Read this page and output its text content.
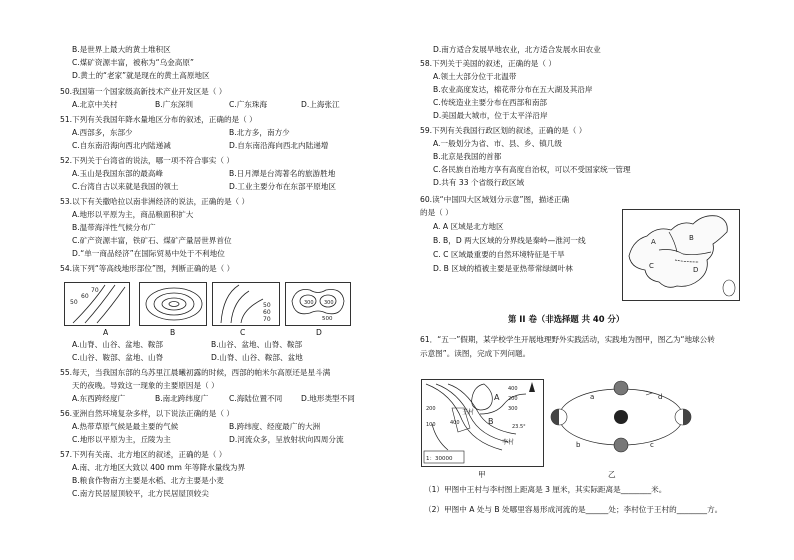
B.是世界上最大的黄土堆积区
C.煤矿资源丰富，被称为“乌金高原”
D.黄土的“老家”就是现在的黄土高原地区
50.我国第一个国家级高新技术产业开发区是（ ）
A.北京中关村	B.广东深圳	C.广东珠海	D.上海张江
51.下列有关我国年降水量地区分布的叙述，正确的是（ ）
A.西部多，东部少	B.北方多，南方少
C.自东南沿海向西北内陆递减	D.自东南沿海向西北内陆递增
52.下列关于台湾省的说法，哪一项不符合事实（ ）
A.玉山是我国东部的最高峰	B.日月潭是台湾著名的旅游胜地
C.台湾自古以来就是我国的领土	D.工业主要分布在东部平原地区
53.以下有关撒哈拉以南非洲经济的说法，正确的是（ ）
A.地形以平原为主，商品粮面积扩大
B.温带海洋性气候分布广
C.矿产资源丰富，铁矿石、煤矿产量居世界首位
D.“单一商品经济”在国际贸易中处于不利地位
54.读下列“等高线地形部位”图，判断正确的是（ ）
50
60
70
50
60
70	500
300 300
A	B	C	D
A.山脊、山谷、盆地、鞍部	B.山谷、盆地、山脊、鞍部
C.山谷、鞍部、盆地、山脊	D.山脊、山谷、鞍部、盆地
55.每天，当我国东部的乌苏里江晨曦初露的时候，西部的帕米尔高原还是星斗满
天的夜晚。导致这一现象的主要原因是（ ）
A.东西跨经度广	B.南北跨纬度广	C.海陆位置不同 D.地形类型不同
56.亚洲自然环境复杂多样，以下说法正确的是（ ）
A.热带草原气候是最主要的气候	B.跨纬度、经度最广的大洲
C.地形以平原为主，丘陵为主	D.河流众多，呈放射状向四周分流
57.下列有关南、北方地区的叙述，正确的是（ ）
A.南、北方地区大致以 400 mm 年等降水量线为界
B.粮食作物南方主要是水稻、北方主要是小麦
C.南方民居屋顶较平，北方民居屋顶较尖
D.南方适合发展旱地农业，北方适合发展水田农业
58.下列关于美国的叙述，正确的是（ ）
A.领土大部分位于北温带
B.农业高度发达，棉花带分布在五大湖及其沿岸
C.传统造业主要分布在西部和南部
D.美国最大城市，位于太平洋沿岸
59.下列有关我国行政区划的叙述，正确的是（ ）
A.一般划分为省、市、县、乡、镇几级
B.北京是我国的首都
C.各民族自治地方享有高度自治权，可以不受国家统一管理
D.共有 33 个省级行政区域
60.读“中国四大区域划分示意”图，描述正确
的是（ ）
A. A 区域是北方地区
B. B，D 两大区域的分界线是秦岭—淮河一线
C. C 区域最重要的自然环境特征是干旱
D. B 区域的植被主要是亚热带常绿阔叶林
A	B
C	D
第 II 卷（非选择题 共 40 分）
61．“五一”假期，某学校学生开展地理野外实践活动，实践地为图甲，图乙为“地球公转
示意图”。读图，完成下列问题。
A
B
王村
李村
400
200
300
200
100	400
23.5°
1：30000
甲
a
b	c
d
乙
（1）甲图中王村与李村图上距离是 3 厘米，其实际距离是________米。
（2）甲图中 A 处与 B 处哪里容易形成河流的是______处；李村位于王村的________方。
